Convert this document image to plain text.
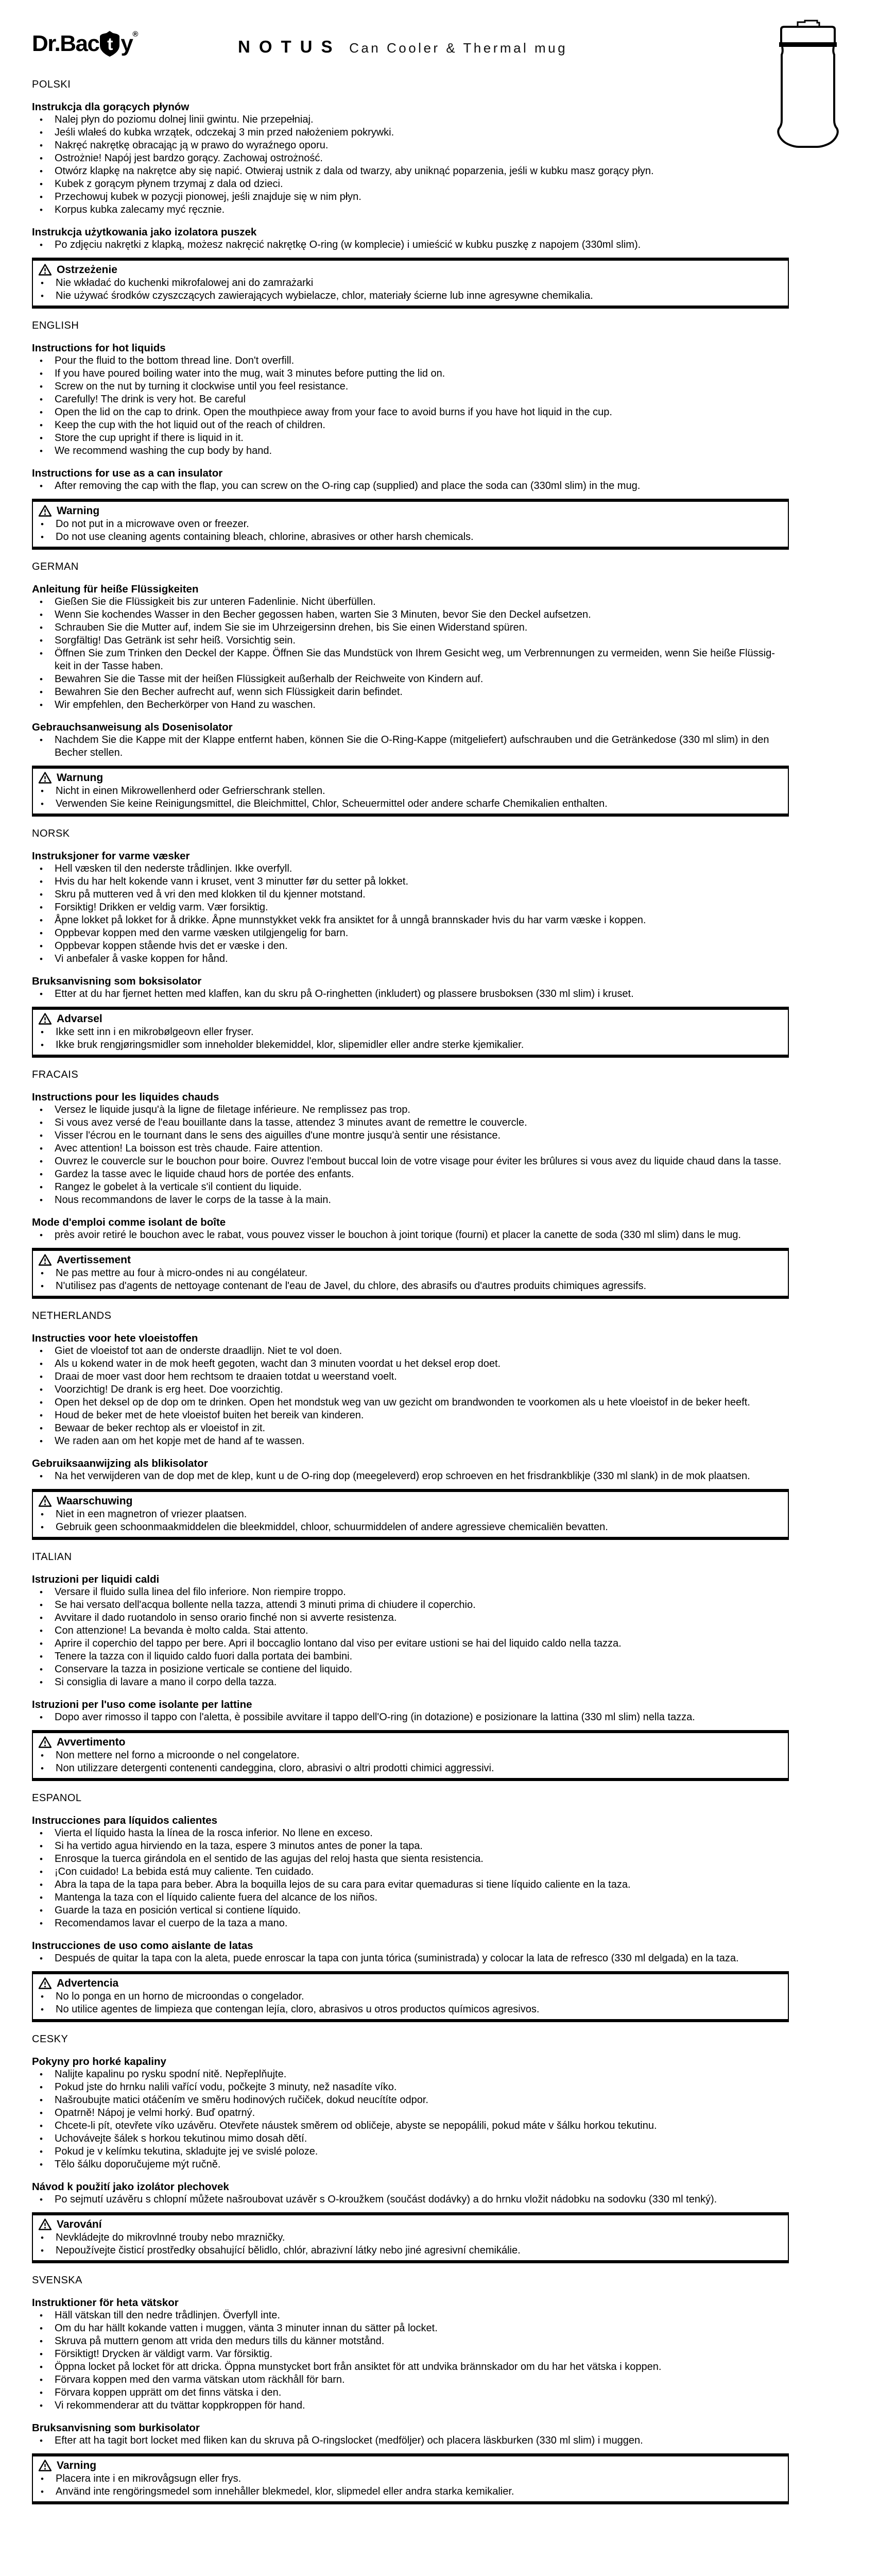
Dr.Bac t y®
NOTUS Can Cooler & Thermal mug
POLSKI
Instrukcja dla gorących płynów
• Nalej płyn do poziomu dolnej linii gwintu. Nie przepełniaj.
• Jeśli wlałeś do kubka wrzątek, odczekaj 3 min przed nałożeniem pokrywki.
• Nakręć nakrętkę obracając ją w prawo do wyraźnego oporu.
• Ostrożnie! Napój jest bardzo gorący. Zachowaj ostrożność.
• Otwórz klapkę na nakrętce aby się napić. Otwieraj ustnik z dala od twarzy, aby uniknąć poparzenia, jeśli w kubku masz gorący płyn.
• Kubek z gorącym płynem trzymaj z dala od dzieci.
• Przechowuj kubek w pozycji pionowej, jeśli znajduje się w nim płyn.
• Korpus kubka zalecamy myć ręcznie.
Instrukcja użytkowania jako izolatora puszek
• Po zdjęciu nakrętki z klapką, możesz nakręcić nakrętkę O-ring (w komplecie) i umieścić w kubku puszkę z napojem (330ml slim).
Ostrzeżenie
• Nie wkładać do kuchenki mikrofalowej ani do zamrażarki
• Nie używać środków czyszczących zawierających wybielacze, chlor, materiały ścierne lub inne agresywne chemikalia.
ENGLISH
Instructions for hot liquids
• Pour the fluid to the bottom thread line. Don't overfill.
• If you have poured boiling water into the mug, wait 3 minutes before putting the lid on.
• Screw on the nut by turning it clockwise until you feel resistance.
• Carefully! The drink is very hot. Be careful
• Open the lid on the cap to drink. Open the mouthpiece away from your face to avoid burns if you have hot liquid in the cup.
• Keep the cup with the hot liquid out of the reach of children.
• Store the cup upright if there is liquid in it.
• We recommend washing the cup body by hand.
Instructions for use as a can insulator
• After removing the cap with the flap, you can screw on the O-ring cap (supplied) and place the soda can (330ml slim) in the mug.
Warning
• Do not put in a microwave oven or freezer.
• Do not use cleaning agents containing bleach, chlorine, abrasives or other harsh chemicals.
GERMAN
Anleitung für heiße Flüssigkeiten
• Gießen Sie die Flüssigkeit bis zur unteren Fadenlinie. Nicht überfüllen.
• Wenn Sie kochendes Wasser in den Becher gegossen haben, warten Sie 3 Minuten, bevor Sie den Deckel aufsetzen.
• Schrauben Sie die Mutter auf, indem Sie sie im Uhrzeigersinn drehen, bis Sie einen Widerstand spüren.
• Sorgfältig! Das Getränk ist sehr heiß. Vorsichtig sein.
• Öffnen Sie zum Trinken den Deckel der Kappe. Öffnen Sie das Mundstück von Ihrem Gesicht weg, um Verbrennungen zu vermeiden, wenn Sie heiße Flüssig-keit in der Tasse haben.
• Bewahren Sie die Tasse mit der heißen Flüssigkeit außerhalb der Reichweite von Kindern auf.
• Bewahren Sie den Becher aufrecht auf, wenn sich Flüssigkeit darin befindet.
• Wir empfehlen, den Becherkörper von Hand zu waschen.
Gebrauchsanweisung als Dosenisolator
• Nachdem Sie die Kappe mit der Klappe entfernt haben, können Sie die O-Ring-Kappe (mitgeliefert) aufschrauben und die Getränkedose (330 ml slim) in den Becher stellen.
Warnung
• Nicht in einen Mikrowellenherd oder Gefrierschrank stellen.
• Verwenden Sie keine Reinigungsmittel, die Bleichmittel, Chlor, Scheuermittel oder andere scharfe Chemikalien enthalten.
NORSK
Instruksjoner for varme væsker
• Hell væsken til den nederste trådlinjen. Ikke overfyll.
• Hvis du har helt kokende vann i kruset, vent 3 minutter før du setter på lokket.
• Skru på mutteren ved å vri den med klokken til du kjenner motstand.
• Forsiktig! Drikken er veldig varm. Vær forsiktig.
• Åpne lokket på lokket for å drikke. Åpne munnstykket vekk fra ansiktet for å unngå brannskader hvis du har varm væske i koppen.
• Oppbevar koppen med den varme væsken utilgjengelig for barn.
• Oppbevar koppen stående hvis det er væske i den.
• Vi anbefaler å vaske koppen for hånd.
Bruksanvisning som boksisolator
• Etter at du har fjernet hetten med klaffen, kan du skru på O-ringhetten (inkludert) og plassere brusboksen (330 ml slim) i kruset.
Advarsel
• Ikke sett inn i en mikrobølgeovn eller fryser.
• Ikke bruk rengjøringsmidler som inneholder blekemiddel, klor, slipemidler eller andre sterke kjemikalier.
FRACAIS
Instructions pour les liquides chauds
• Versez le liquide jusqu'à la ligne de filetage inférieure. Ne remplissez pas trop.
• Si vous avez versé de l'eau bouillante dans la tasse, attendez 3 minutes avant de remettre le couvercle.
• Visser l'écrou en le tournant dans le sens des aiguilles d'une montre jusqu'à sentir une résistance.
• Avec attention! La boisson est très chaude. Faire attention.
• Ouvrez le couvercle sur le bouchon pour boire. Ouvrez l'embout buccal loin de votre visage pour éviter les brûlures si vous avez du liquide chaud dans la tasse.
• Gardez la tasse avec le liquide chaud hors de portée des enfants.
• Rangez le gobelet à la verticale s'il contient du liquide.
• Nous recommandons de laver le corps de la tasse à la main.
Mode d'emploi comme isolant de boîte
• près avoir retiré le bouchon avec le rabat, vous pouvez visser le bouchon à joint torique (fourni) et placer la canette de soda (330 ml slim) dans le mug.
Avertissement
• Ne pas mettre au four à micro-ondes ni au congélateur.
• N'utilisez pas d'agents de nettoyage contenant de l'eau de Javel, du chlore, des abrasifs ou d'autres produits chimiques agressifs.
NETHERLANDS
Instructies voor hete vloeistoffen
• Giet de vloeistof tot aan de onderste draadlijn. Niet te vol doen.
• Als u kokend water in de mok heeft gegoten, wacht dan 3 minuten voordat u het deksel erop doet.
• Draai de moer vast door hem rechtsom te draaien totdat u weerstand voelt.
• Voorzichtig! De drank is erg heet. Doe voorzichtig.
• Open het deksel op de dop om te drinken. Open het mondstuk weg van uw gezicht om brandwonden te voorkomen als u hete vloeistof in de beker heeft.
• Houd de beker met de hete vloeistof buiten het bereik van kinderen.
• Bewaar de beker rechtop als er vloeistof in zit.
• We raden aan om het kopje met de hand af te wassen.
Gebruiksaanwijzing als blikisolator
• Na het verwijderen van de dop met de klep, kunt u de O-ring dop (meegeleverd) erop schroeven en het frisdrankblikje (330 ml slank) in de mok plaatsen.
Waarschuwing
• Niet in een magnetron of vriezer plaatsen.
• Gebruik geen schoonmaakmiddelen die bleekmiddel, chloor, schuurmiddelen of andere agressieve chemicaliën bevatten.
ITALIAN
Istruzioni per liquidi caldi
• Versare il fluido sulla linea del filo inferiore. Non riempire troppo.
• Se hai versato dell'acqua bollente nella tazza, attendi 3 minuti prima di chiudere il coperchio.
• Avvitare il dado ruotandolo in senso orario finché non si avverte resistenza.
• Con attenzione! La bevanda è molto calda. Stai attento.
• Aprire il coperchio del tappo per bere. Apri il boccaglio lontano dal viso per evitare ustioni se hai del liquido caldo nella tazza.
• Tenere la tazza con il liquido caldo fuori dalla portata dei bambini.
• Conservare la tazza in posizione verticale se contiene del liquido.
• Si consiglia di lavare a mano il corpo della tazza.
Istruzioni per l'uso come isolante per lattine
• Dopo aver rimosso il tappo con l'aletta, è possibile avvitare il tappo dell'O-ring (in dotazione) e posizionare la lattina (330 ml slim) nella tazza.
Avvertimento
• Non mettere nel forno a microonde o nel congelatore.
• Non utilizzare detergenti contenenti candeggina, cloro, abrasivi o altri prodotti chimici aggressivi.
ESPANOL
Instrucciones para líquidos calientes
• Vierta el líquido hasta la línea de la rosca inferior. No llene en exceso.
• Si ha vertido agua hirviendo en la taza, espere 3 minutos antes de poner la tapa.
• Enrosque la tuerca girándola en el sentido de las agujas del reloj hasta que sienta resistencia.
• ¡Con cuidado! La bebida está muy caliente. Ten cuidado.
• Abra la tapa de la tapa para beber. Abra la boquilla lejos de su cara para evitar quemaduras si tiene líquido caliente en la taza.
• Mantenga la taza con el líquido caliente fuera del alcance de los niños.
• Guarde la taza en posición vertical si contiene líquido.
• Recomendamos lavar el cuerpo de la taza a mano.
Instrucciones de uso como aislante de latas
• Después de quitar la tapa con la aleta, puede enroscar la tapa con junta tórica (suministrada) y colocar la lata de refresco (330 ml delgada) en la taza.
Advertencia
• No lo ponga en un horno de microondas o congelador.
• No utilice agentes de limpieza que contengan lejía, cloro, abrasivos u otros productos químicos agresivos.
CESKY
Pokyny pro horké kapaliny
• Nalijte kapalinu po rysku spodní nitě. Nepřeplňujte.
• Pokud jste do hrnku nalili vařící vodu, počkejte 3 minuty, než nasadíte víko.
• Našroubujte matici otáčením ve směru hodinových ručiček, dokud neucítíte odpor.
• Opatrně! Nápoj je velmi horký. Buď opatrný.
• Chcete-li pít, otevřete víko uzávěru. Otevřete náustek směrem od obličeje, abyste se nepopálili, pokud máte v šálku horkou tekutinu.
• Uchovávejte šálek s horkou tekutinou mimo dosah dětí.
• Pokud je v kelímku tekutina, skladujte jej ve svislé poloze.
• Tělo šálku doporučujeme mýt ručně.
Návod k použití jako izolátor plechovek
• Po sejmutí uzávěru s chlopní můžete našroubovat uzávěr s O-kroužkem (součást dodávky) a do hrnku vložit nádobku na sodovku (330 ml tenký).
Varování
• Nevkládejte do mikrovlnné trouby nebo mrazničky.
• Nepoužívejte čisticí prostředky obsahující bělidlo, chlór, abrazivní látky nebo jiné agresivní chemikálie.
SVENSKA
Instruktioner för heta vätskor
• Häll vätskan till den nedre trådlinjen. Överfyll inte.
• Om du har hällt kokande vatten i muggen, vänta 3 minuter innan du sätter på locket.
• Skruva på muttern genom att vrida den medurs tills du känner motstånd.
• Försiktigt! Drycken är väldigt varm. Var försiktig.
• Öppna locket på locket för att dricka. Öppna munstycket bort från ansiktet för att undvika brännskador om du har het vätska i koppen.
• Förvara koppen med den varma vätskan utom räckhåll för barn.
• Förvara koppen upprätt om det finns vätska i den.
• Vi rekommenderar att du tvättar koppkroppen för hand.
Bruksanvisning som burkisolator
• Efter att ha tagit bort locket med fliken kan du skruva på O-ringslocket (medföljer) och placera läskburken (330 ml slim) i muggen.
Varning
• Placera inte i en mikrovågsugn eller frys.
• Använd inte rengöringsmedel som innehåller blekmedel, klor, slipmedel eller andra starka kemikalier.
